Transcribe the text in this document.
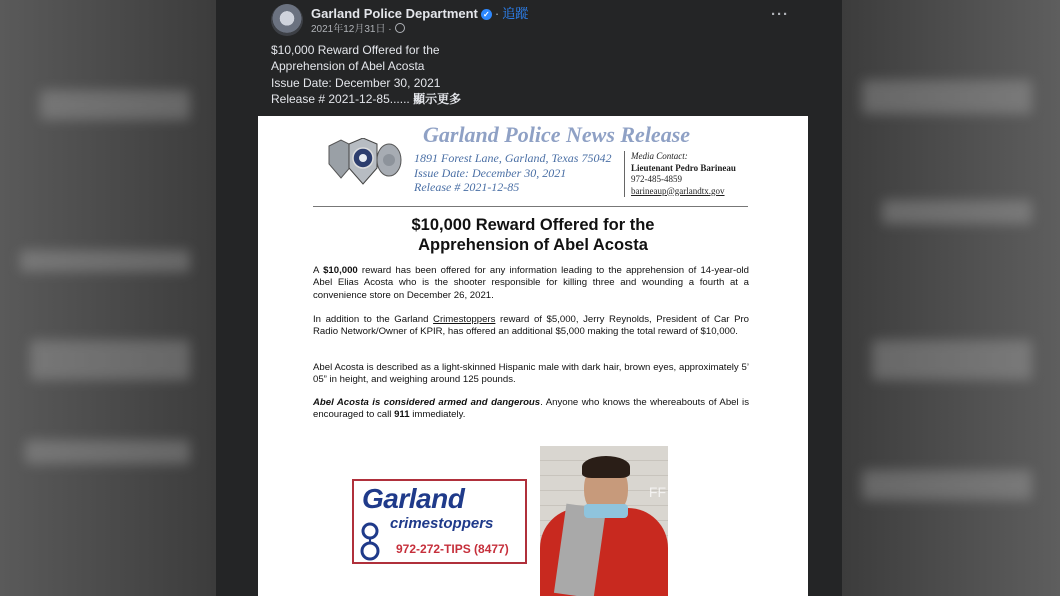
Garland Police Department ✓ · 追蹤
2021年12月31日 ·
···
$10,000 Reward Offered for the
Apprehension of Abel Acosta
Issue Date: December 30, 2021
Release # 2021-12-85...... 顯示更多
Garland Police News Release
1891 Forest Lane, Garland, Texas 75042
Issue Date: December 30, 2021
Release # 2021-12-85
Media Contact:
Lieutenant Pedro Barineau
972-485-4859
barineaup@garlandtx.gov
$10,000 Reward Offered for the
Apprehension of Abel Acosta
A $10,000 reward has been offered for any information leading to the apprehension of 14-year-old Abel Elias Acosta who is the shooter responsible for killing three and wounding a fourth at a convenience store on December 26, 2021.
In addition to the Garland Crimestoppers reward of $5,000, Jerry Reynolds, President of Car Pro Radio Network/Owner of KPIR, has offered an additional $5,000 making the total reward of $10,000.
Abel Acosta is described as a light-skinned Hispanic male with dark hair, brown eyes, approximately 5’ 05” in height, and weighing around 125 pounds.
Abel Acosta is considered armed and dangerous. Anyone who knows the whereabouts of Abel is encouraged to call 911 immediately.
Garland
crimestoppers
972-272-TIPS (8477)
FF
